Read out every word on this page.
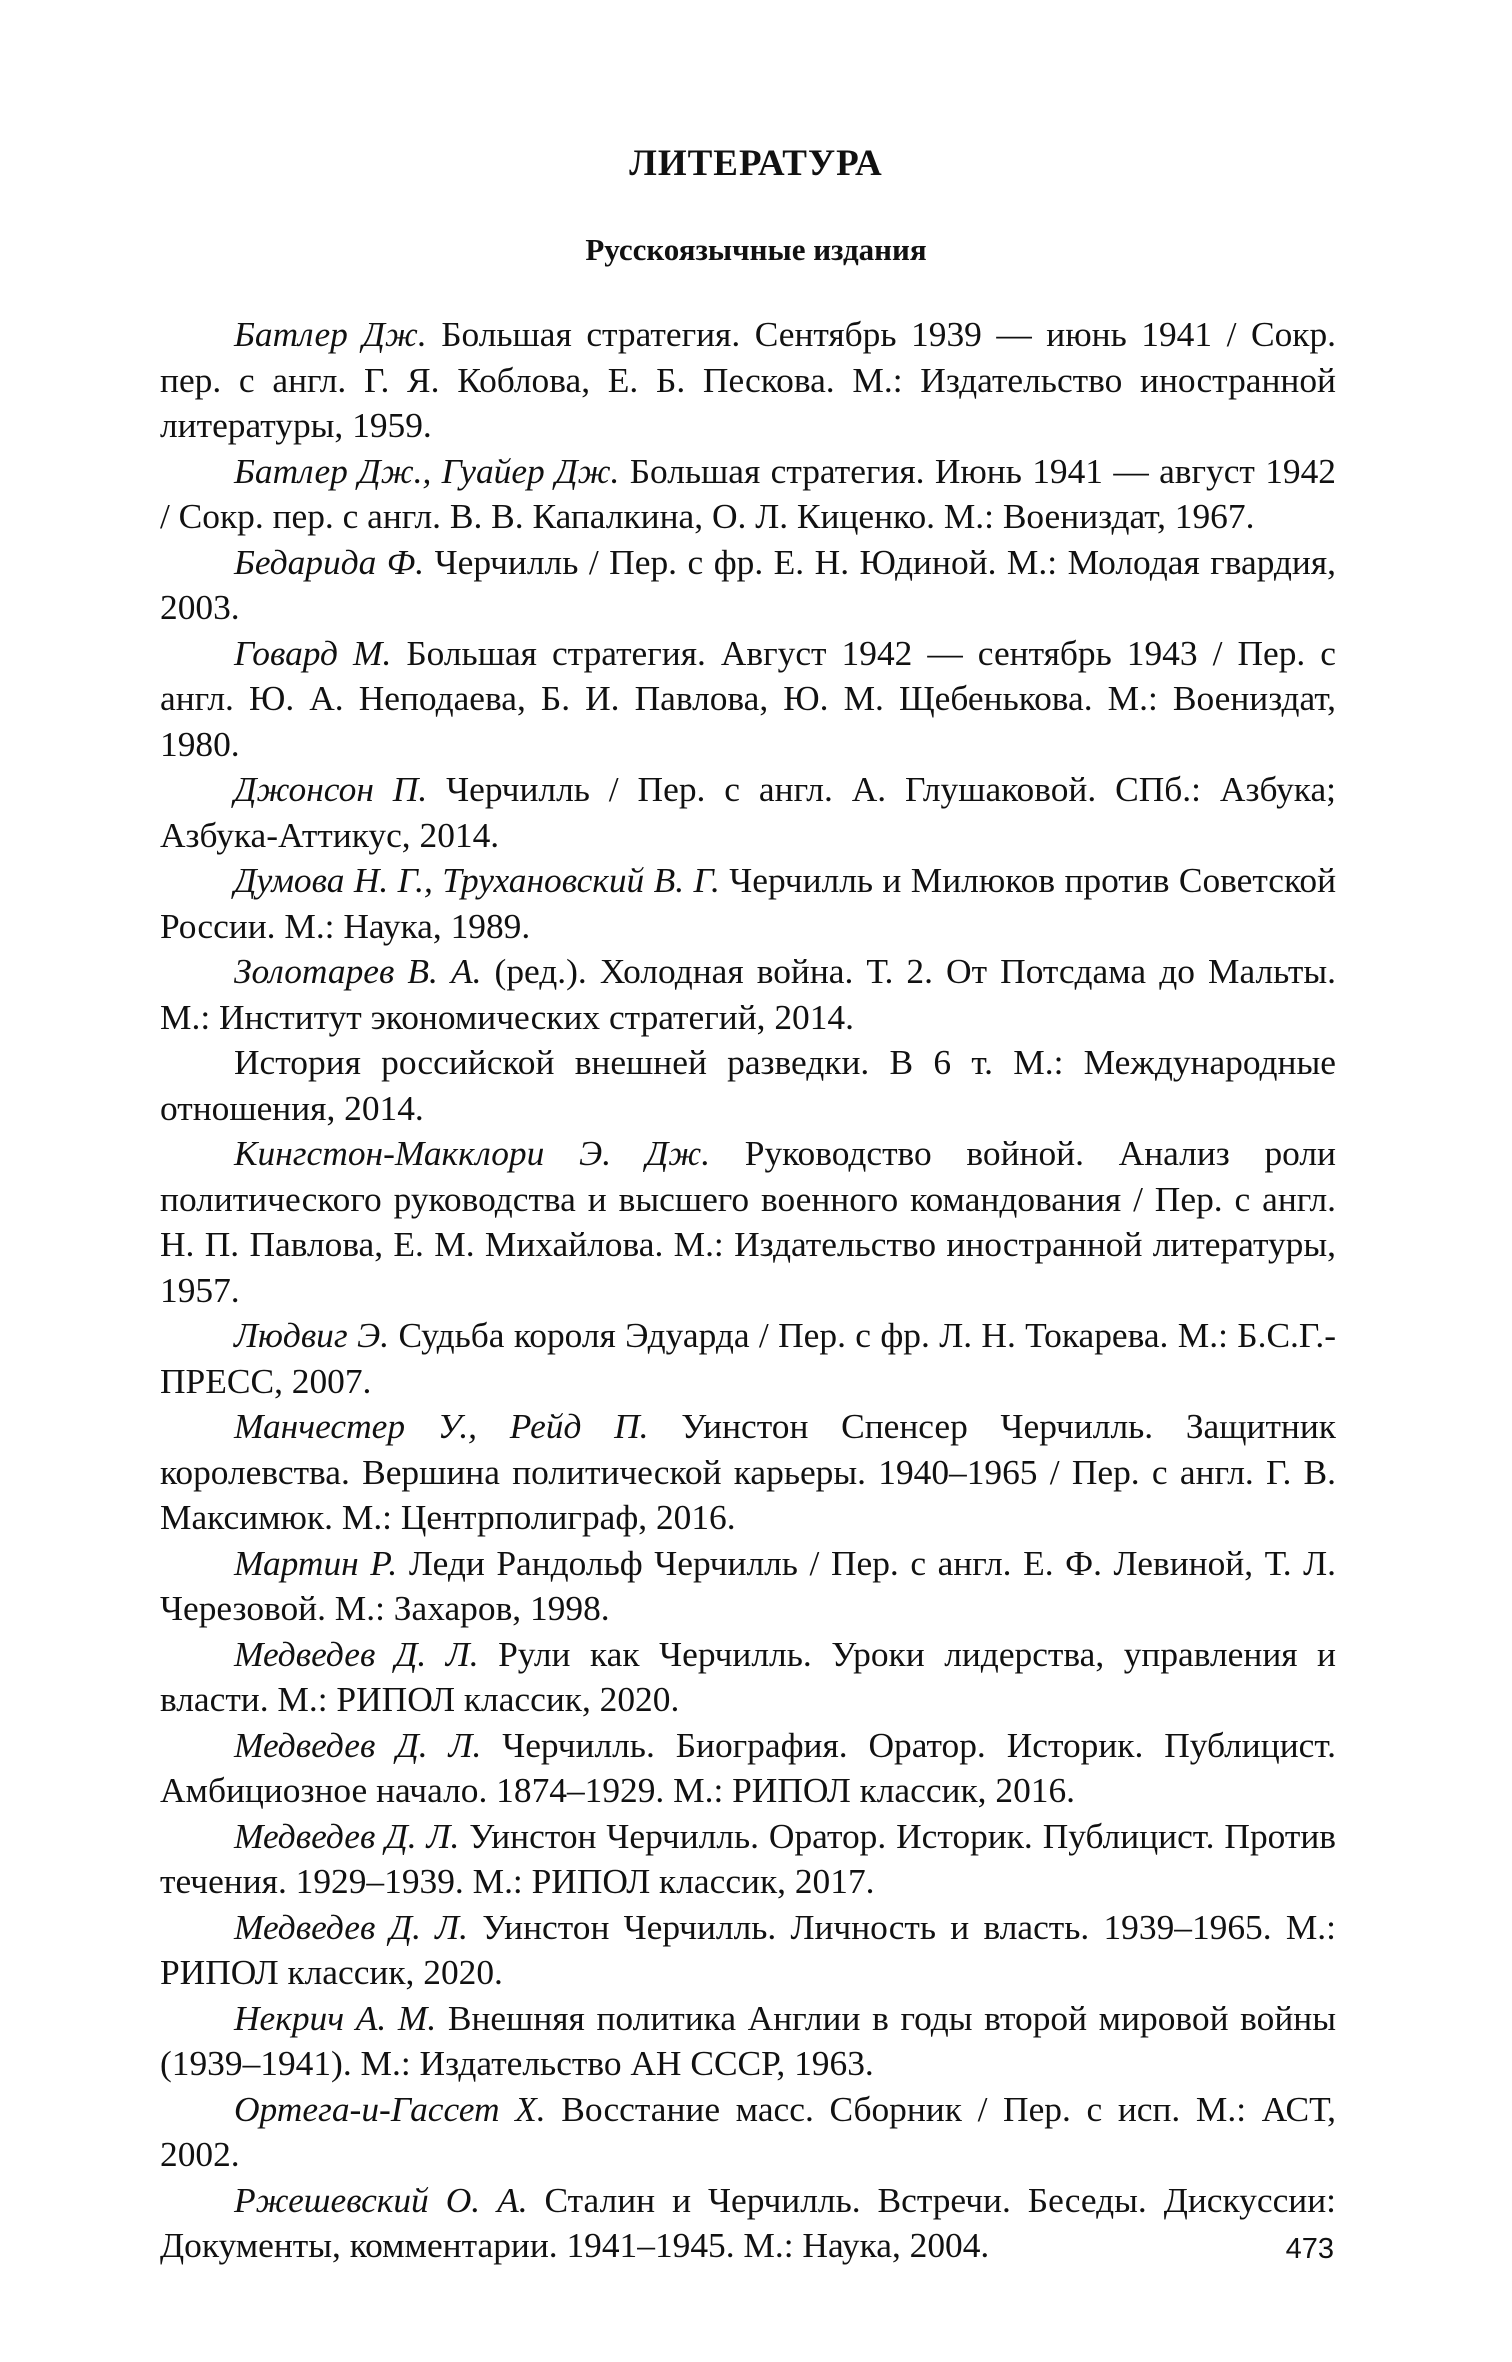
ЛИТЕРАТУРА
Русскоязычные издания
Батлер Дж. Большая стратегия. Сентябрь 1939 — июнь 1941 / Сокр. пер. с англ. Г. Я. Коблова, Е. Б. Пескова. М.: Издательство иностранной литературы, 1959.
Батлер Дж., Гуайер Дж. Большая стратегия. Июнь 1941 — август 1942 / Сокр. пер. с англ. В. В. Капалкина, О. Л. Киценко. М.: Воениздат, 1967.
Бедарида Ф. Черчилль / Пер. с фр. Е. Н. Юдиной. М.: Молодая гвардия, 2003.
Говард М. Большая стратегия. Август 1942 — сентябрь 1943 / Пер. с англ. Ю. А. Неподаева, Б. И. Павлова, Ю. М. Щебенькова. М.: Воениздат, 1980.
Джонсон П. Черчилль / Пер. с англ. А. Глушаковой. СПб.: Азбука; Азбука-Аттикус, 2014.
Думова Н. Г., Трухановский В. Г. Черчилль и Милюков против Советской России. М.: Наука, 1989.
Золотарев В. А. (ред.). Холодная война. Т. 2. От Потсдама до Мальты. М.: Институт экономических стратегий, 2014.
История российской внешней разведки. В 6 т. М.: Международные отношения, 2014.
Кингстон-Макклори Э. Дж. Руководство войной. Анализ роли политического руководства и высшего военного командования / Пер. с англ. Н. П. Павлова, Е. М. Михайлова. М.: Издательство иностранной литературы, 1957.
Людвиг Э. Судьба короля Эдуарда / Пер. с фр. Л. Н. Токарева. М.: Б.С.Г.-ПРЕСС, 2007.
Манчестер У., Рейд П. Уинстон Спенсер Черчилль. Защитник королевства. Вершина политической карьеры. 1940–1965 / Пер. с англ. Г. В. Максимюк. М.: Центрполиграф, 2016.
Мартин Р. Леди Рандольф Черчилль / Пер. с англ. Е. Ф. Левиной, Т. Л. Черезовой. М.: Захаров, 1998.
Медведев Д. Л. Рули как Черчилль. Уроки лидерства, управления и власти. М.: РИПОЛ классик, 2020.
Медведев Д. Л. Черчилль. Биография. Оратор. Историк. Публицист. Амбициозное начало. 1874–1929. М.: РИПОЛ классик, 2016.
Медведев Д. Л. Уинстон Черчилль. Оратор. Историк. Публицист. Против течения. 1929–1939. М.: РИПОЛ классик, 2017.
Медведев Д. Л. Уинстон Черчилль. Личность и власть. 1939–1965. М.: РИПОЛ классик, 2020.
Некрич А. М. Внешняя политика Англии в годы второй мировой войны (1939–1941). М.: Издательство АН СССР, 1963.
Ортега-и-Гассет Х. Восстание масс. Сборник / Пер. с исп. М.: АСТ, 2002.
Ржешевский О. А. Сталин и Черчилль. Встречи. Беседы. Дискуссии: Документы, комментарии. 1941–1945. М.: Наука, 2004.	473
